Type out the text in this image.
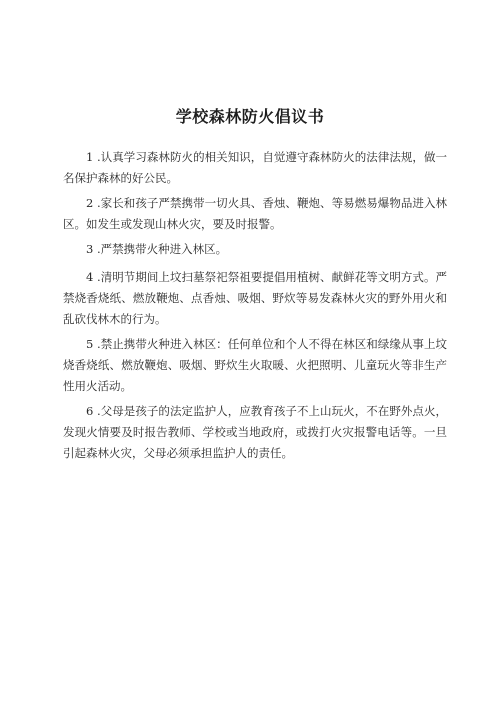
学校森林防火倡议书

1 .认真学习森林防火的相关知识，自觉遵守森林防火的法律法规，做一名保护森林的好公民。

2 .家长和孩子严禁携带一切火具、香烛、鞭炮、等易燃易爆物品进入林区。如发生或发现山林火灾，要及时报警。

3 .严禁携带火种进入林区。

4 .清明节期间上坟扫墓祭祀祭祖要提倡用植树、献鲜花等文明方式。严禁烧香烧纸、燃放鞭炮、点香烛、吸烟、野炊等易发森林火灾的野外用火和乱砍伐林木的行为。

5 .禁止携带火种进入林区：任何单位和个人不得在林区和绿缘从事上坟烧香烧纸、燃放鞭炮、吸烟、野炊生火取暖、火把照明、儿童玩火等非生产性用火活动。

6 .父母是孩子的法定监护人，应教育孩子不上山玩火，不在野外点火，发现火情要及时报告教师、学校或当地政府，或拨打火灾报警电话等。一旦引起森林火灾，父母必须承担监护人的责任。
